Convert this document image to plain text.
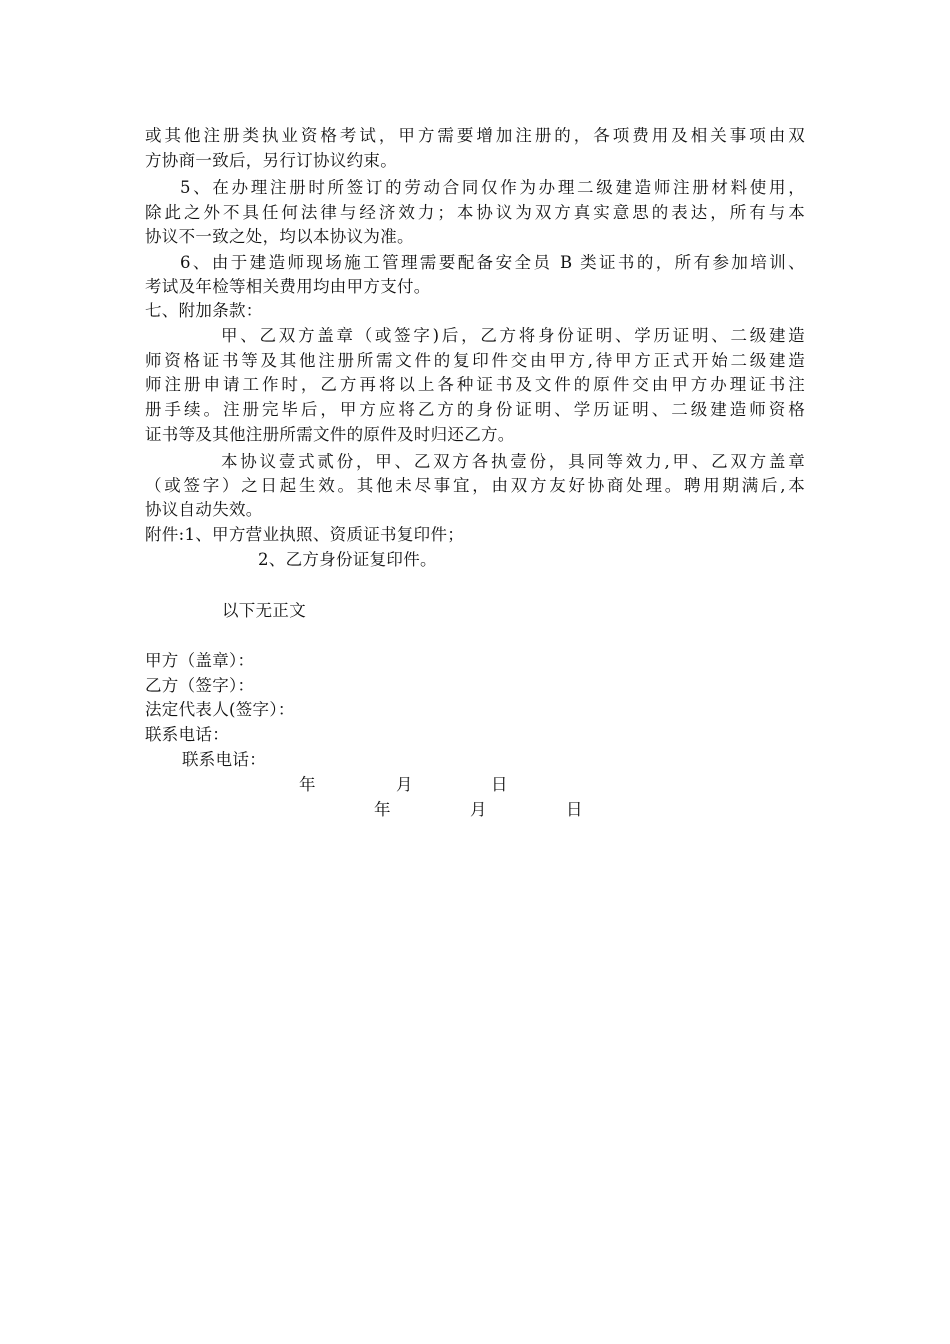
或其他注册类执业资格考试，甲方需要增加注册的，各项费用及相关事项由双
方协商一致后，另行订协议约束。
5、在办理注册时所签订的劳动合同仅作为办理二级建造师注册材料使用，
除此之外不具任何法律与经济效力；本协议为双方真实意思的表达，所有与本
协议不一致之处，均以本协议为准。
6、由于建造师现场施工管理需要配备安全员 B 类证书的，所有参加培训、
考试及年检等相关费用均由甲方支付。
七、附加条款：
甲、乙双方盖章（或签字)后，乙方将身份证明、学历证明、二级建造
师资格证书等及其他注册所需文件的复印件交由甲方,待甲方正式开始二级建造
师注册申请工作时，乙方再将以上各种证书及文件的原件交由甲方办理证书注
册手续。注册完毕后，甲方应将乙方的身份证明、学历证明、二级建造师资格
证书等及其他注册所需文件的原件及时归还乙方。
本协议壹式贰份，甲、乙双方各执壹份，具同等效力,甲、乙双方盖章
（或签字）之日起生效。其他未尽事宜，由双方友好协商处理。聘用期满后,本
协议自动失效。
附件:1、甲方营业执照、资质证书复印件；
2、乙方身份证复印件。
以下无正文
甲方（盖章）：
乙方（签字）：
法定代表人(签字）：
联系电话：
联系电话：
年	月	日
年	月	日
